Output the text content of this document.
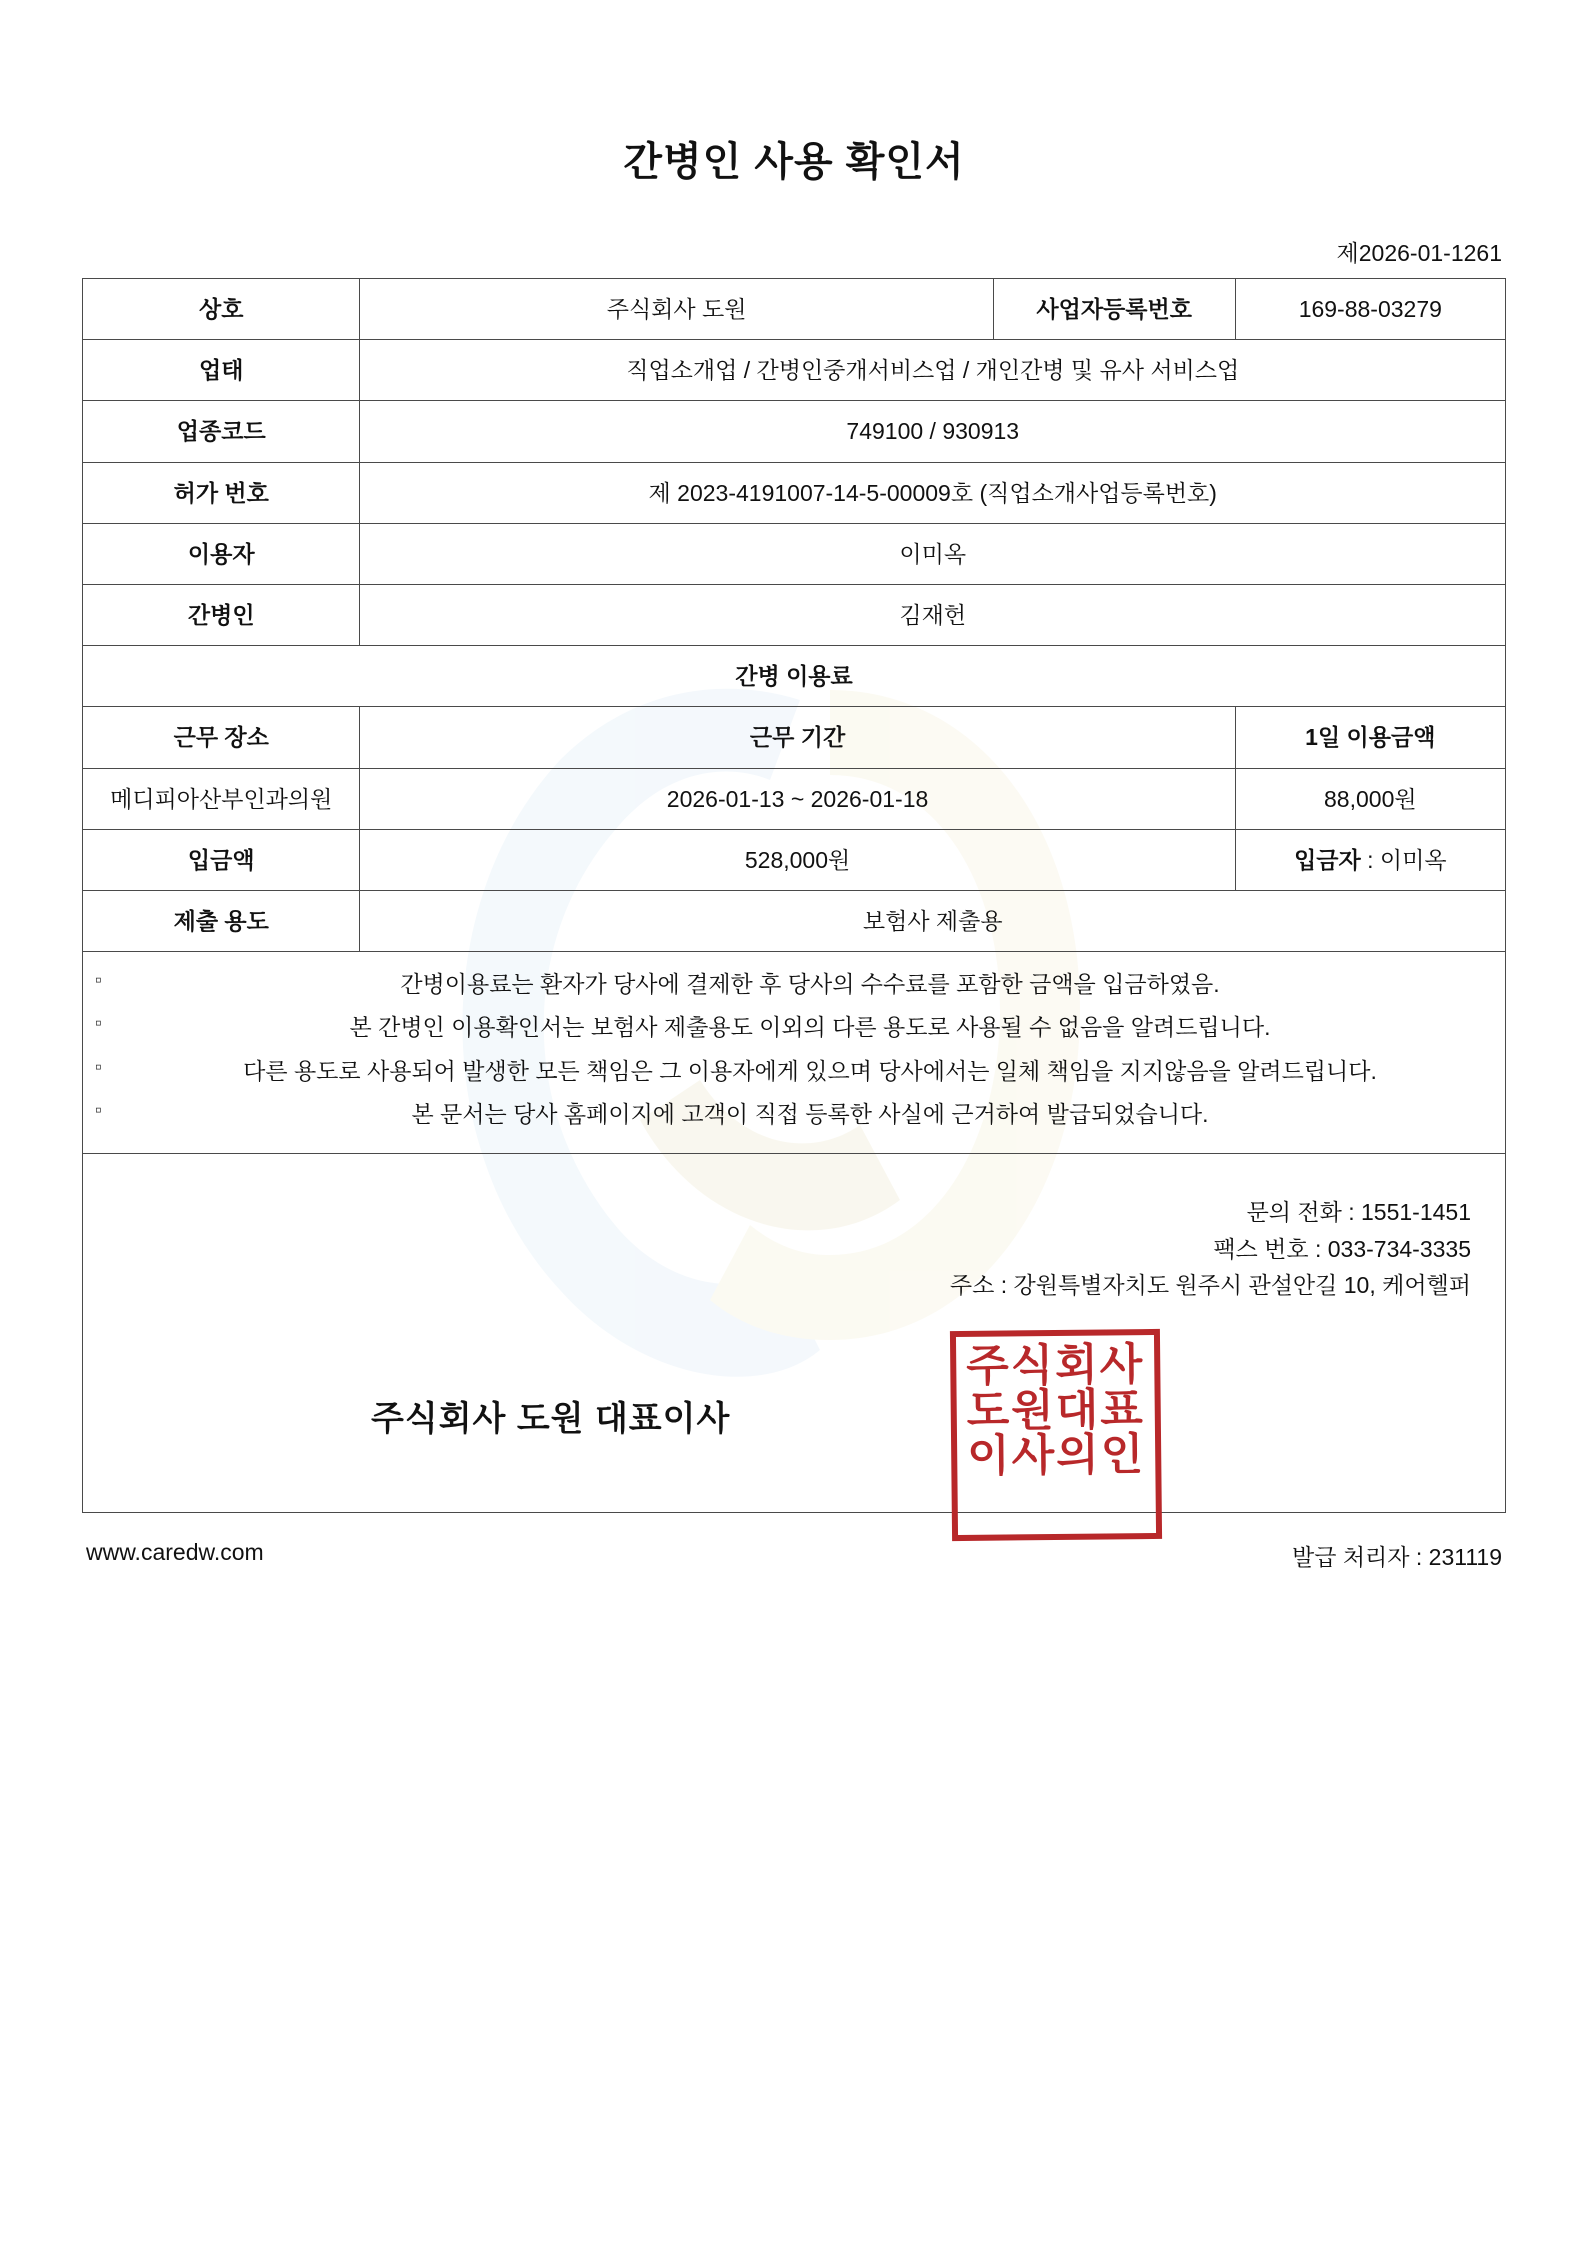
간병인 사용 확인서
제2026-01-1261
상호	주식회사 도원	사업자등록번호	169-88-03279
업태	직업소개업 / 간병인중개서비스업 / 개인간병 및 유사 서비스업		
업종코드	749100 / 930913		
허가 번호	제 2023-4191007-14-5-00009호 (직업소개사업등록번호)		
이용자	이미옥		
간병인	김재헌		
간병 이용료			
근무 장소	근무 기간		1일 이용금액
메디피아산부인과의원	2026-01-13 ~ 2026-01-18		88,000원
입금액	528,000원		입금자 : 이미옥
제출 용도	보험사 제출용		

▫ 간병이용료는 환자가 당사에 결제한 후 당사의 수수료를 포함한 금액을 입금하였음.
▫ 본 간병인 이용확인서는 보험사 제출용도 이외의 다른 용도로 사용될 수 없음을 알려드립니다.
▫ 다른 용도로 사용되어 발생한 모든 책임은 그 이용자에게 있으며 당사에서는 일체 책임을 지지않음을 알려드립니다.
▫ 본 문서는 당사 홈페이지에 고객이 직접 등록한 사실에 근거하여 발급되었습니다.

문의 전화 : 1551-1451
팩스 번호 : 033-734-3335
주소 : 강원특별자치도 원주시 관설안길 10, 케어헬퍼
주식회사 도원 대표이사
주식회사
도원대표
이사의인
www.caredw.com	발급 처리자 : 231119
